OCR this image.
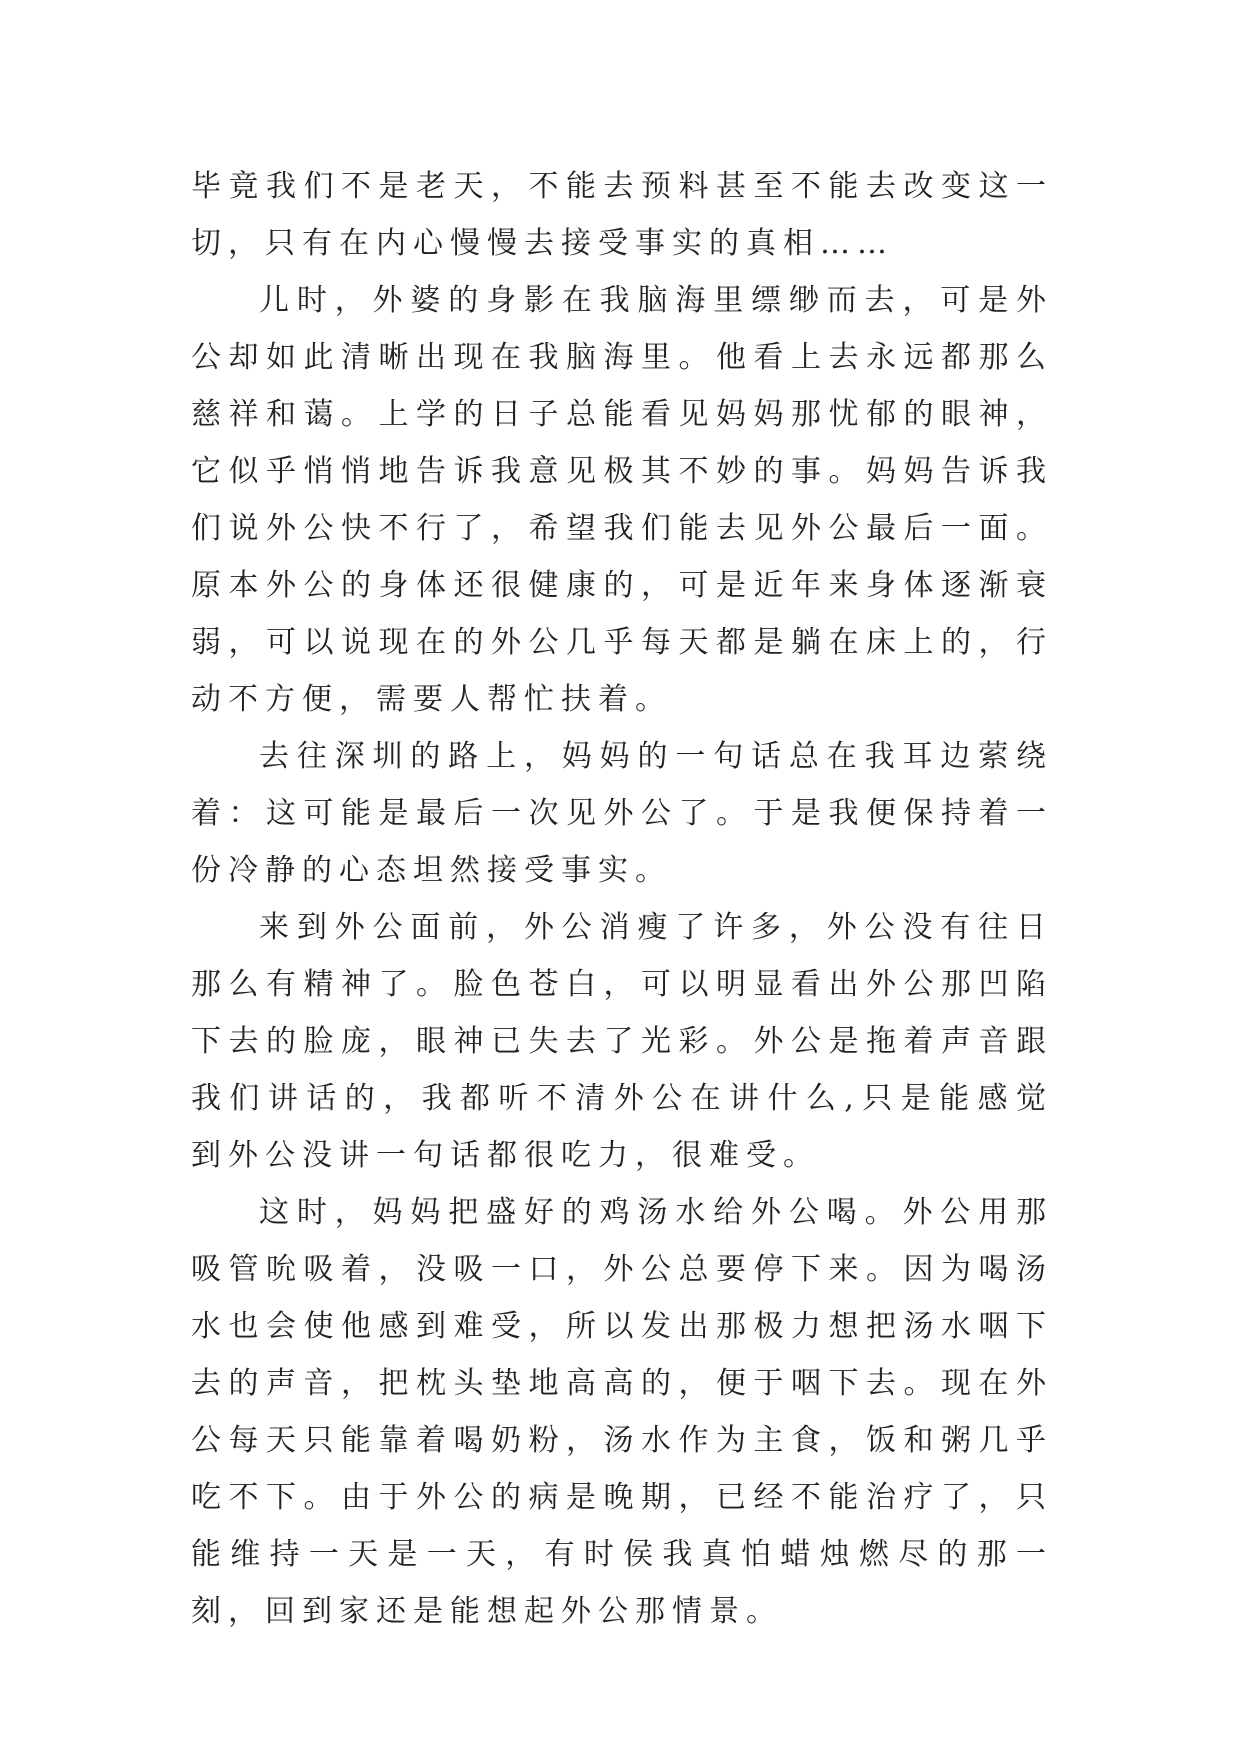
毕竟我们不是老天，不能去预料甚至不能去改变这一切，只有在内心慢慢去接受事实的真相……

儿时，外婆的身影在我脑海里缥缈而去，可是外公却如此清晰出现在我脑海里。他看上去永远都那么慈祥和蔼。上学的日子总能看见妈妈那忧郁的眼神，它似乎悄悄地告诉我意见极其不妙的事。妈妈告诉我们说外公快不行了，希望我们能去见外公最后一面。原本外公的身体还很健康的，可是近年来身体逐渐衰弱，可以说现在的外公几乎每天都是躺在床上的，行动不方便，需要人帮忙扶着。

去往深圳的路上，妈妈的一句话总在我耳边萦绕着：这可能是最后一次见外公了。于是我便保持着一份冷静的心态坦然接受事实。

来到外公面前，外公消瘦了许多，外公没有往日那么有精神了。脸色苍白，可以明显看出外公那凹陷下去的脸庞，眼神已失去了光彩。外公是拖着声音跟我们讲话的，我都听不清外公在讲什么,只是能感觉到外公没讲一句话都很吃力，很难受。

这时，妈妈把盛好的鸡汤水给外公喝。外公用那吸管吮吸着，没吸一口，外公总要停下来。因为喝汤水也会使他感到难受，所以发出那极力想把汤水咽下去的声音，把枕头垫地高高的，便于咽下去。现在外公每天只能靠着喝奶粉，汤水作为主食，饭和粥几乎吃不下。由于外公的病是晚期，已经不能治疗了，只能维持一天是一天，有时侯我真怕蜡烛燃尽的那一刻，回到家还是能想起外公那情景。
